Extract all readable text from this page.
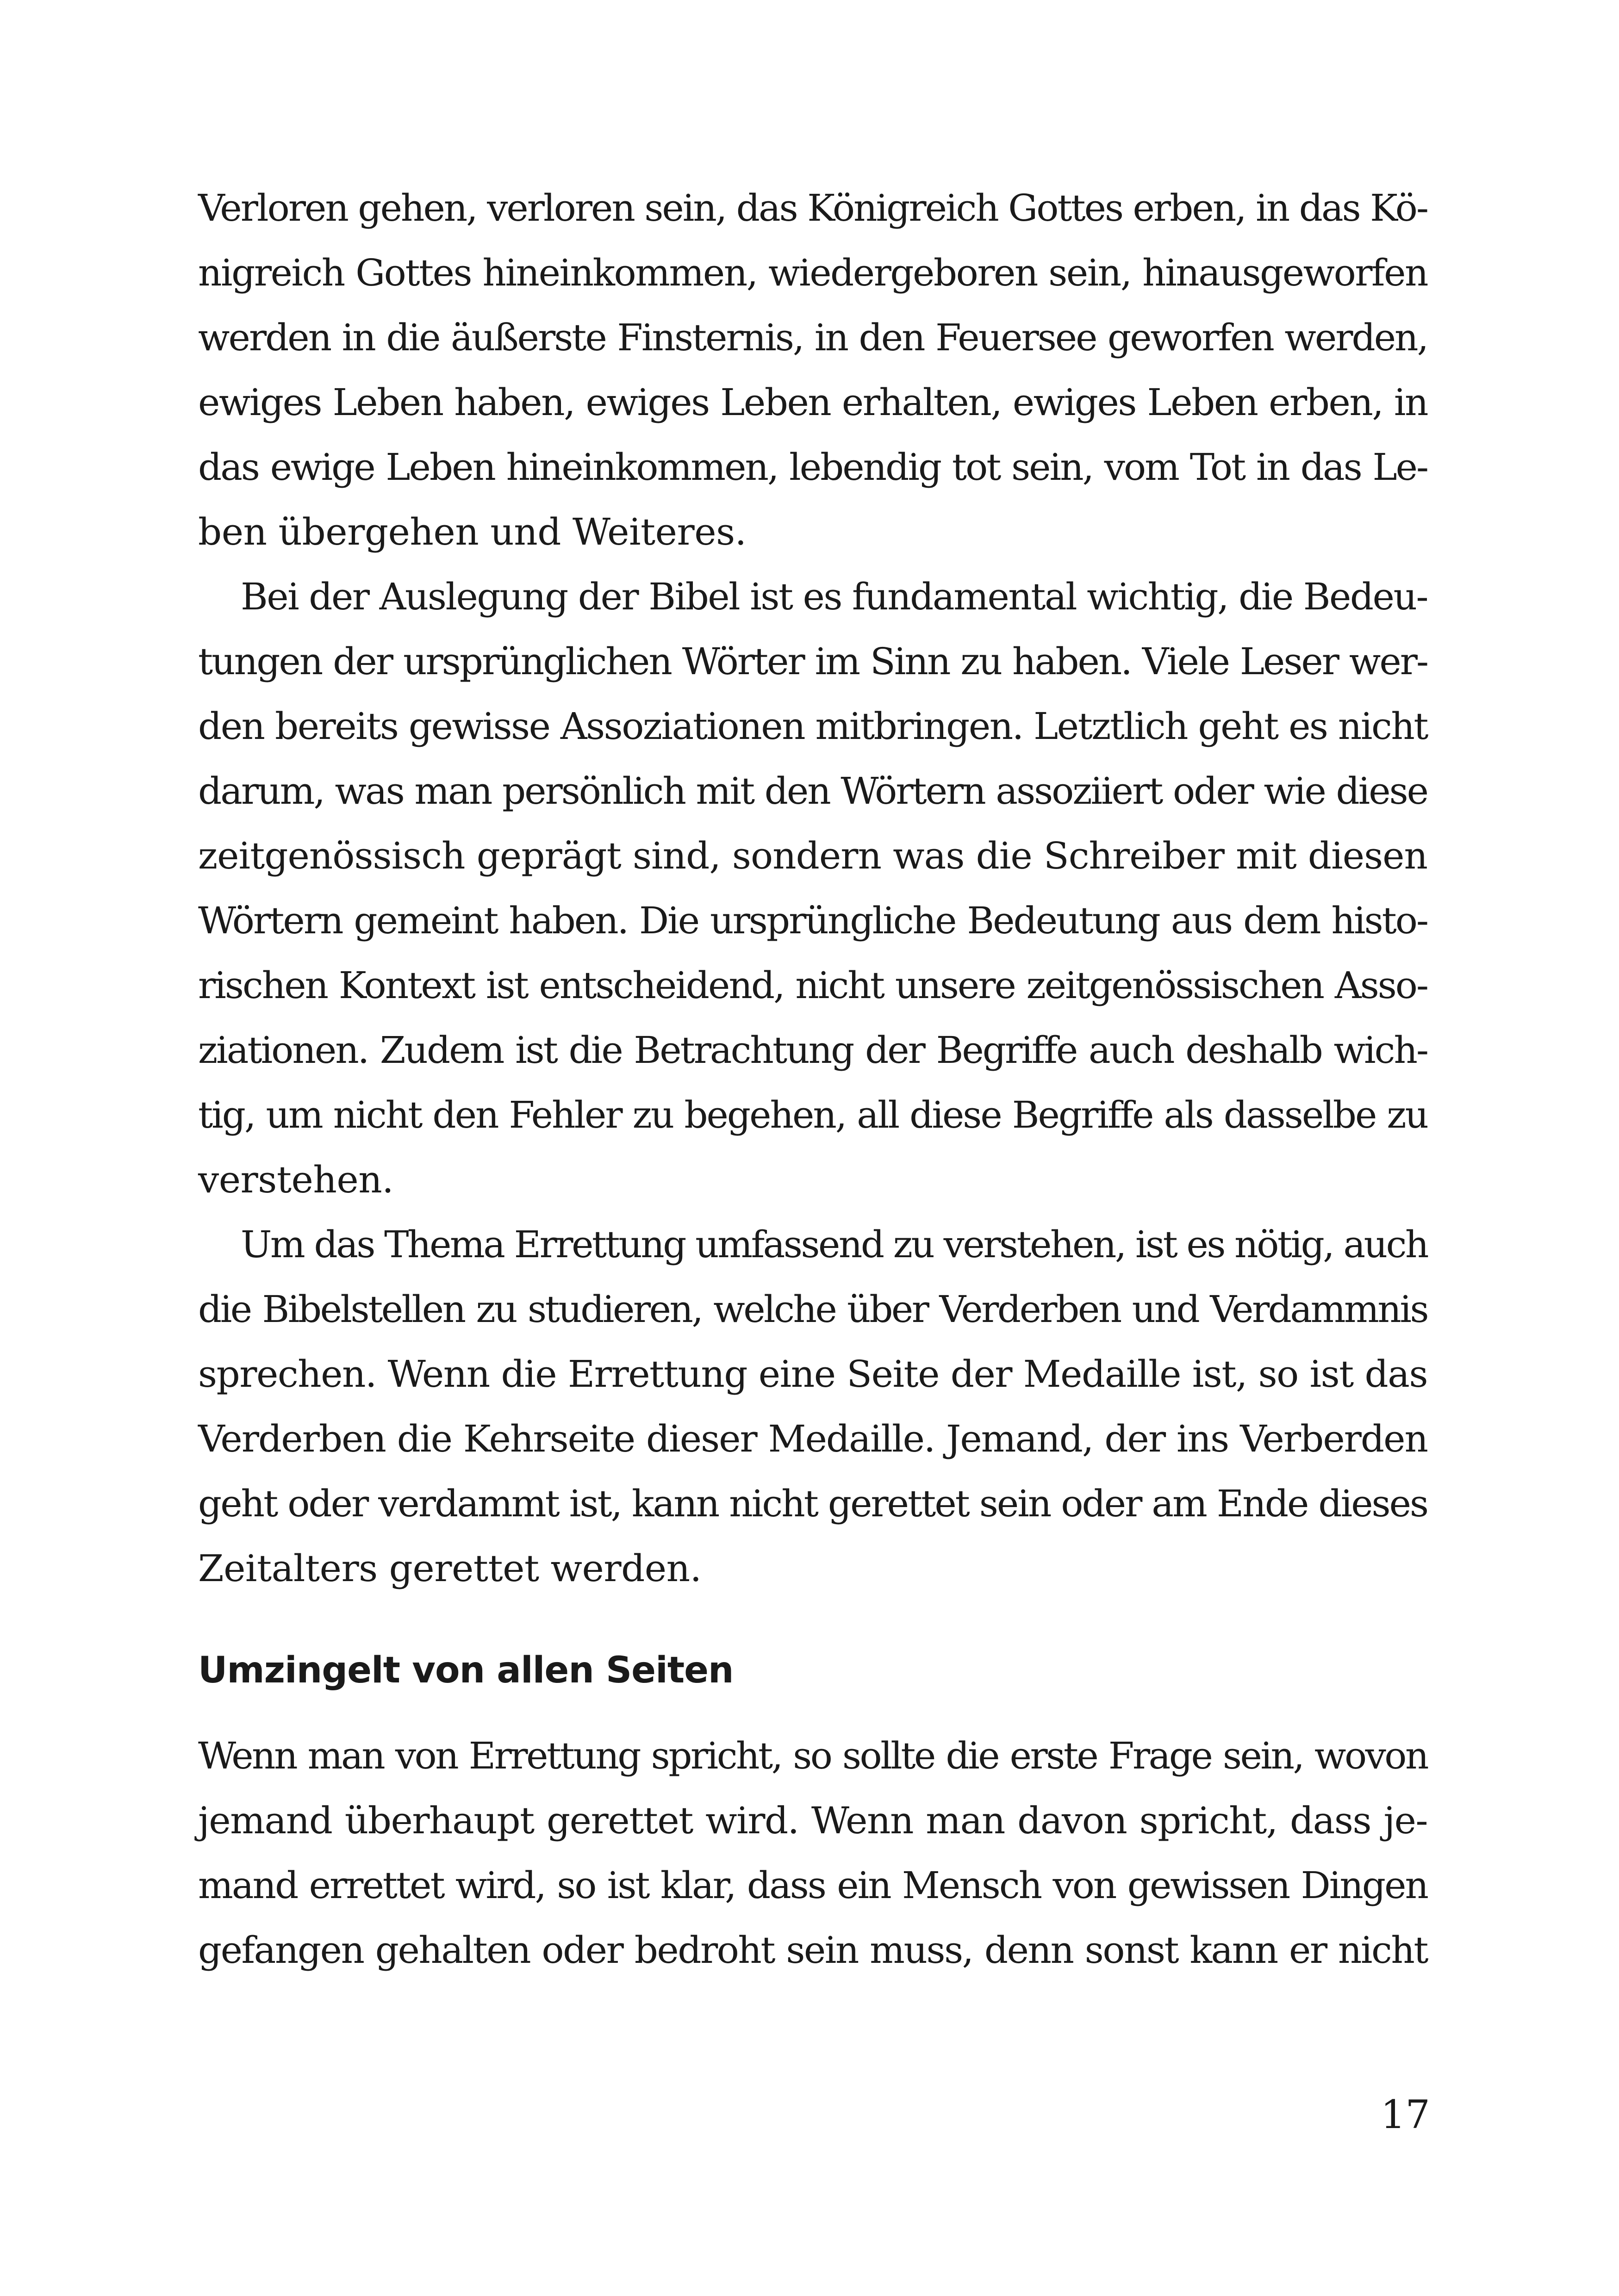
Verloren gehen, verloren sein, das Königreich Gottes erben, in das Kö-
nigreich Gottes hineinkommen, wiedergeboren sein, hinausgeworfen
werden in die äußerste Finsternis, in den Feuersee geworfen werden,
ewiges Leben haben, ewiges Leben erhalten, ewiges Leben erben, in
das ewige Leben hineinkommen, lebendig tot sein, vom Tot in das Le-
ben übergehen und Weiteres.
Bei der Auslegung der Bibel ist es fundamental wichtig, die Bedeu-
tungen der ursprünglichen Wörter im Sinn zu haben. Viele Leser wer-
den bereits gewisse Assoziationen mitbringen. Letztlich geht es nicht
darum, was man persönlich mit den Wörtern assoziiert oder wie diese
zeitgenössisch geprägt sind, sondern was die Schreiber mit diesen
Wörtern gemeint haben. Die ursprüngliche Bedeutung aus dem histo-
rischen Kontext ist entscheidend, nicht unsere zeitgenössischen Asso-
ziationen. Zudem ist die Betrachtung der Begriffe auch deshalb wich-
tig, um nicht den Fehler zu begehen, all diese Begriffe als dasselbe zu
verstehen.
Um das Thema Errettung umfassend zu verstehen, ist es nötig, auch
die Bibelstellen zu studieren, welche über Verderben und Verdammnis
sprechen. Wenn die Errettung eine Seite der Medaille ist, so ist das
Verderben die Kehrseite dieser Medaille. Jemand, der ins Verberden
geht oder verdammt ist, kann nicht gerettet sein oder am Ende dieses
Zeitalters gerettet werden.
Umzingelt von allen Seiten
Wenn man von Errettung spricht, so sollte die erste Frage sein, wovon
jemand überhaupt gerettet wird. Wenn man davon spricht, dass je-
mand errettet wird, so ist klar, dass ein Mensch von gewissen Dingen
gefangen gehalten oder bedroht sein muss, denn sonst kann er nicht
17
